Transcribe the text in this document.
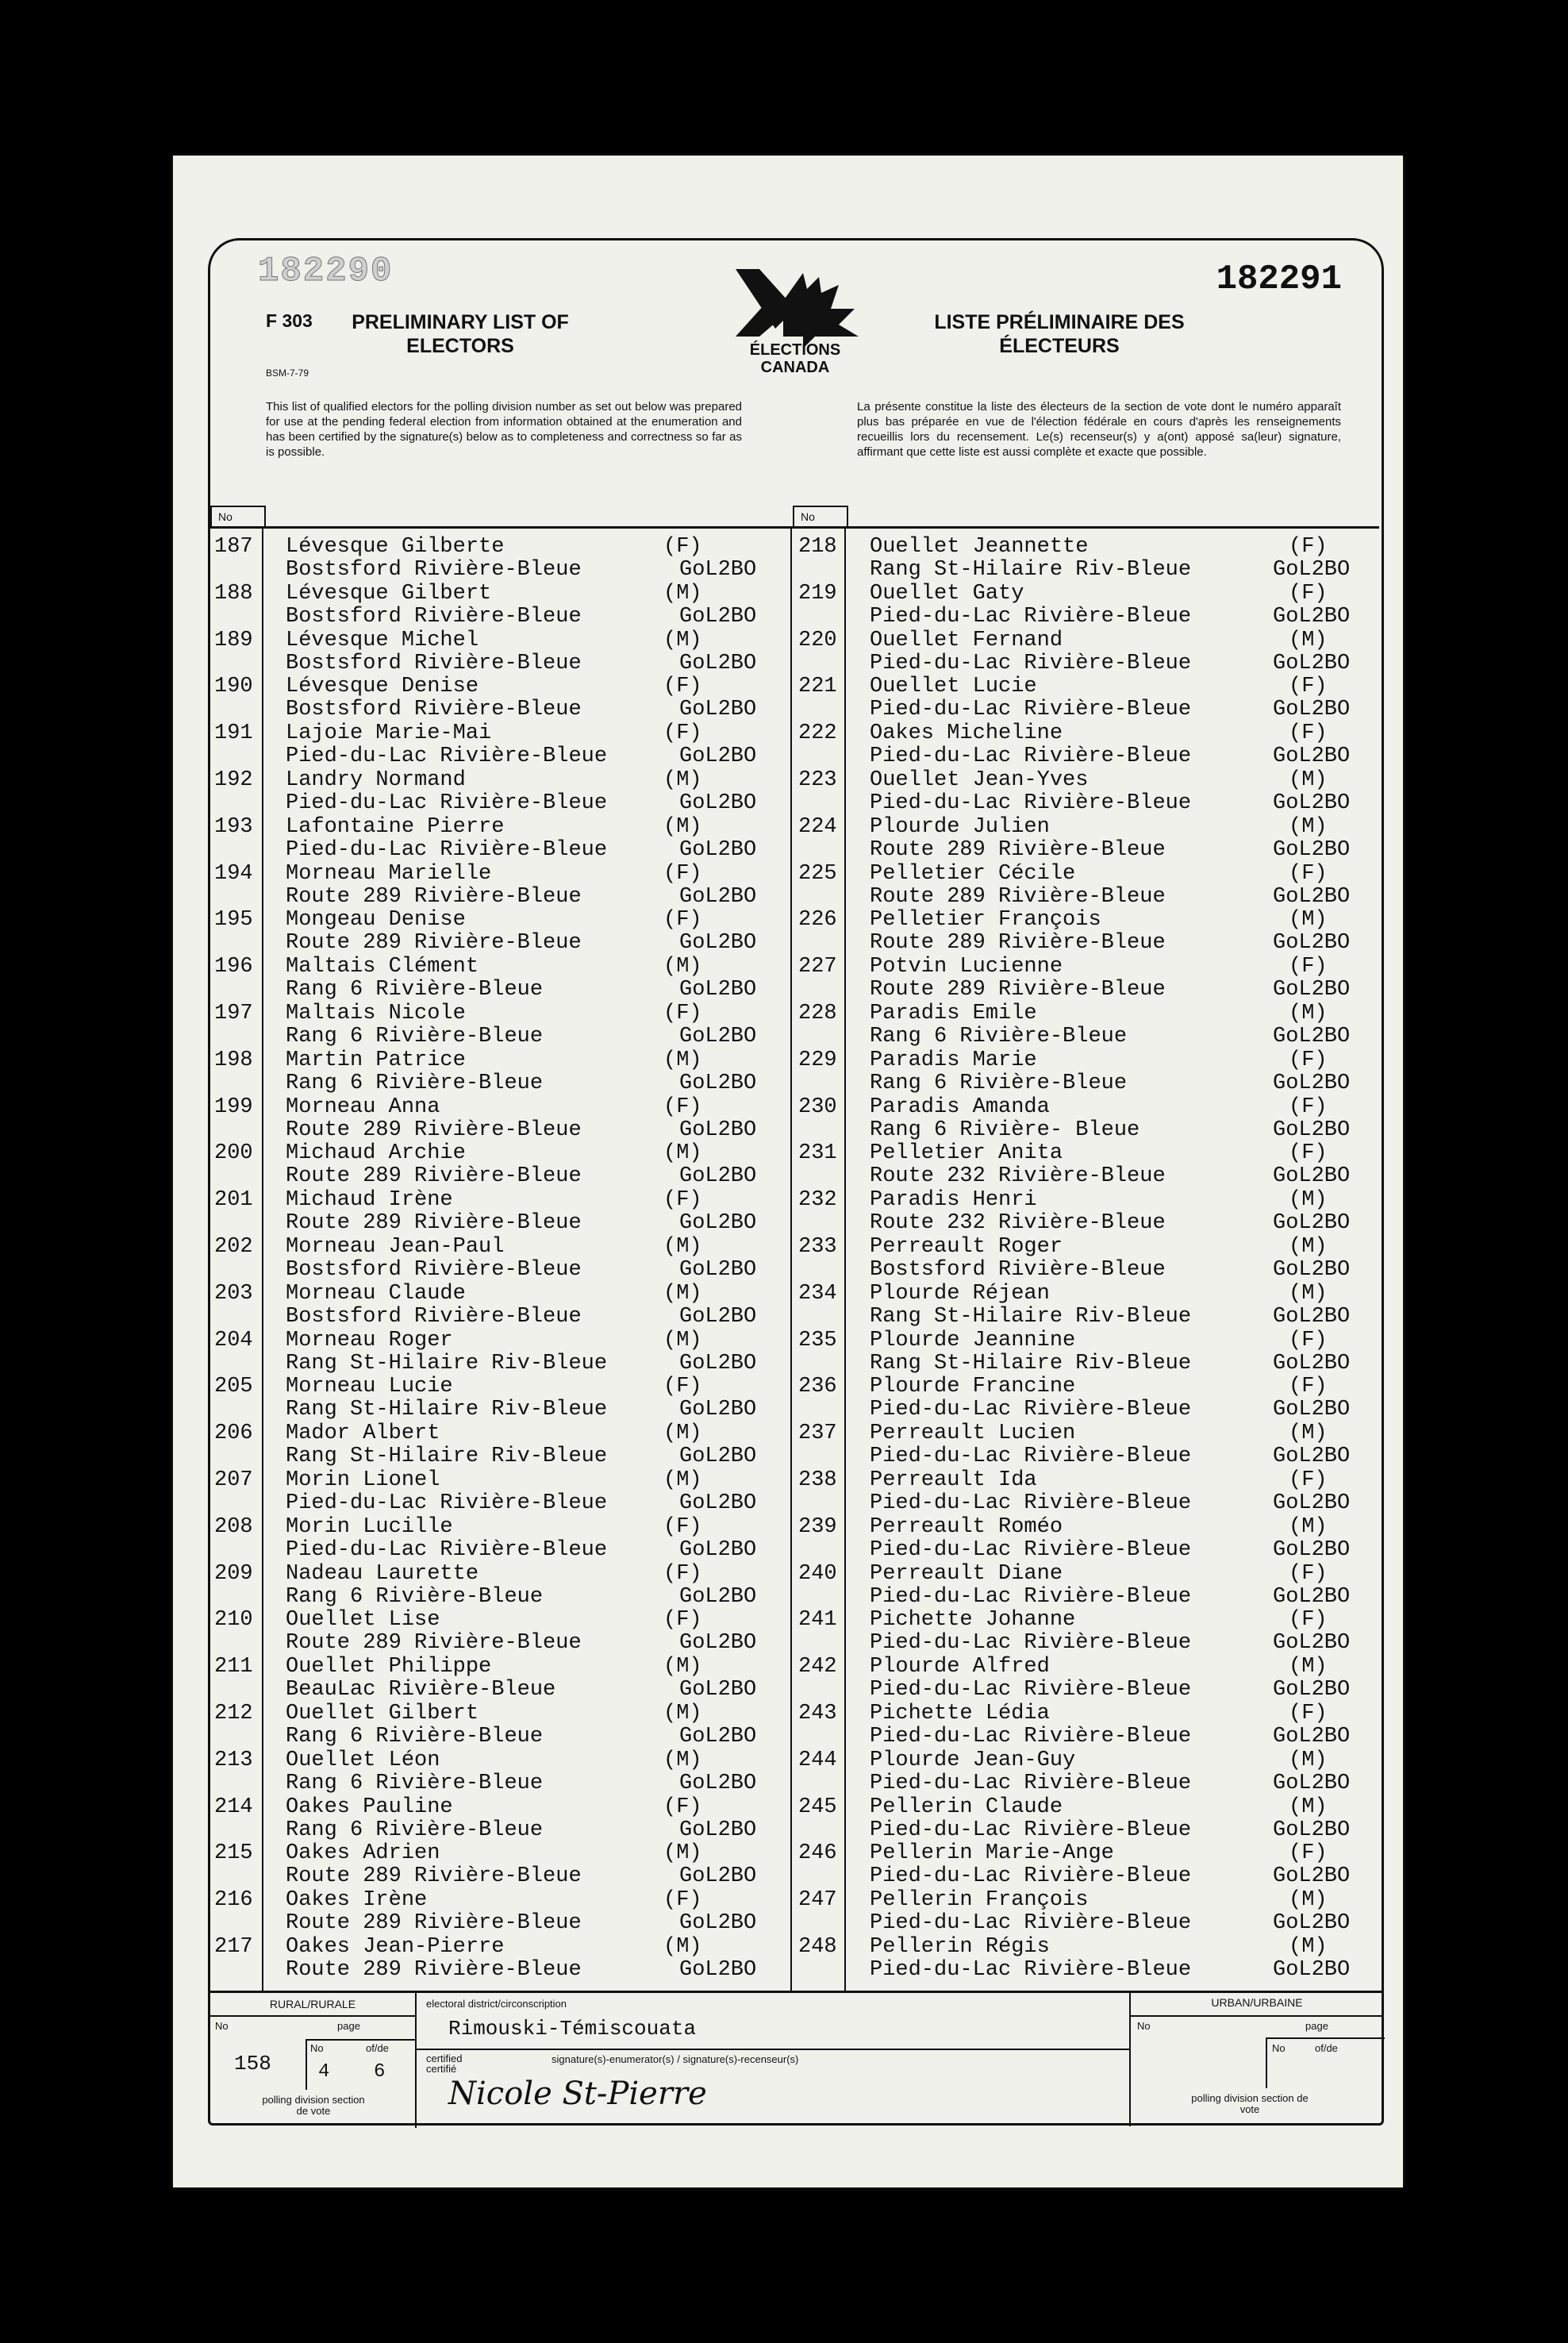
182290	182291
F 303
BSM-7-79
PRELIMINARY LIST OF ELECTORS
LISTE PRÉLIMINAIRE DES ÉLECTEURS
ÉLECTIONS
CANADA
This list of qualified electors for the polling division number as set out below was prepared for use at the pending federal election from information obtained at the enumeration and has been certified by the signature(s) below as to completeness and correctness so far as is possible.
La présente constitue la liste des électeurs de la section de vote dont le numéro apparaît plus bas préparée en vue de l'élection fédérale en cours d'après les renseignements recueillis lors du recensement. Le(s) recenseur(s) y a(ont) apposé sa(leur) signature, affirmant que cette liste est aussi complète et exacte que possible.
No	No
187	Lévesque Gilberte	(F)
Bostsford Rivière-Bleue	GoL2BO
188	Lévesque Gilbert	(M)
Bostsford Rivière-Bleue	GoL2BO
189	Lévesque Michel	(M)
Bostsford Rivière-Bleue	GoL2BO
190	Lévesque Denise	(F)
Bostsford Rivière-Bleue	GoL2BO
191	Lajoie Marie-Mai	(F)
Pied-du-Lac Rivière-Bleue	GoL2BO
192	Landry Normand	(M)
Pied-du-Lac Rivière-Bleue	GoL2BO
193	Lafontaine Pierre	(M)
Pied-du-Lac Rivière-Bleue	GoL2BO
194	Morneau Marielle	(F)
Route 289 Rivière-Bleue	GoL2BO
195	Mongeau Denise	(F)
Route 289 Rivière-Bleue	GoL2BO
196	Maltais Clément	(M)
Rang 6 Rivière-Bleue	GoL2BO
197	Maltais Nicole	(F)
Rang 6 Rivière-Bleue	GoL2BO
198	Martin Patrice	(M)
Rang 6 Rivière-Bleue	GoL2BO
199	Morneau Anna	(F)
Route 289 Rivière-Bleue	GoL2BO
200	Michaud Archie	(M)
Route 289 Rivière-Bleue	GoL2BO
201	Michaud Irène	(F)
Route 289 Rivière-Bleue	GoL2BO
202	Morneau Jean-Paul	(M)
Bostsford Rivière-Bleue	GoL2BO
203	Morneau Claude	(M)
Bostsford Rivière-Bleue	GoL2BO
204	Morneau Roger	(M)
Rang St-Hilaire Riv-Bleue	GoL2BO
205	Morneau Lucie	(F)
Rang St-Hilaire Riv-Bleue	GoL2BO
206	Mador Albert	(M)
Rang St-Hilaire Riv-Bleue	GoL2BO
207	Morin Lionel	(M)
Pied-du-Lac Rivière-Bleue	GoL2BO
208	Morin Lucille	(F)
Pied-du-Lac Rivière-Bleue	GoL2BO
209	Nadeau Laurette	(F)
Rang 6 Rivière-Bleue	GoL2BO
210	Ouellet Lise	(F)
Route 289 Rivière-Bleue	GoL2BO
211	Ouellet Philippe	(M)
BeauLac Rivière-Bleue	GoL2BO
212	Ouellet Gilbert	(M)
Rang 6 Rivière-Bleue	GoL2BO
213	Ouellet Léon	(M)
Rang 6 Rivière-Bleue	GoL2BO
214	Oakes Pauline	(F)
Rang 6 Rivière-Bleue	GoL2BO
215	Oakes Adrien	(M)
Route 289 Rivière-Bleue	GoL2BO
216	Oakes Irène	(F)
Route 289 Rivière-Bleue	GoL2BO
217	Oakes Jean-Pierre	(M)
Route 289 Rivière-Bleue	GoL2BO
218	Ouellet Jeannette	(F)
Rang St-Hilaire Riv-Bleue	GoL2BO
219	Ouellet Gaty	(F)
Pied-du-Lac Rivière-Bleue	GoL2BO
220	Ouellet Fernand	(M)
Pied-du-Lac Rivière-Bleue	GoL2BO
221	Ouellet Lucie	(F)
Pied-du-Lac Rivière-Bleue	GoL2BO
222	Oakes Micheline	(F)
Pied-du-Lac Rivière-Bleue	GoL2BO
223	Ouellet Jean-Yves	(M)
Pied-du-Lac Rivière-Bleue	GoL2BO
224	Plourde Julien	(M)
Route 289 Rivière-Bleue	GoL2BO
225	Pelletier Cécile	(F)
Route 289 Rivière-Bleue	GoL2BO
226	Pelletier François	(M)
Route 289 Rivière-Bleue	GoL2BO
227	Potvin Lucienne	(F)
Route 289 Rivière-Bleue	GoL2BO
228	Paradis Emile	(M)
Rang 6 Rivière-Bleue	GoL2BO
229	Paradis Marie	(F)
Rang 6 Rivière-Bleue	GoL2BO
230	Paradis Amanda	(F)
Rang 6 Rivière- Bleue	GoL2BO
231	Pelletier Anita	(F)
Route 232 Rivière-Bleue	GoL2BO
232	Paradis Henri	(M)
Route 232 Rivière-Bleue	GoL2BO
233	Perreault Roger	(M)
Bostsford Rivière-Bleue	GoL2BO
234	Plourde Réjean	(M)
Rang St-Hilaire Riv-Bleue	GoL2BO
235	Plourde Jeannine	(F)
Rang St-Hilaire Riv-Bleue	GoL2BO
236	Plourde Francine	(F)
Pied-du-Lac Rivière-Bleue	GoL2BO
237	Perreault Lucien	(M)
Pied-du-Lac Rivière-Bleue	GoL2BO
238	Perreault Ida	(F)
Pied-du-Lac Rivière-Bleue	GoL2BO
239	Perreault Roméo	(M)
Pied-du-Lac Rivière-Bleue	GoL2BO
240	Perreault Diane	(F)
Pied-du-Lac Rivière-Bleue	GoL2BO
241	Pichette Johanne	(F)
Pied-du-Lac Rivière-Bleue	GoL2BO
242	Plourde Alfred	(M)
Pied-du-Lac Rivière-Bleue	GoL2BO
243	Pichette Lédia	(F)
Pied-du-Lac Rivière-Bleue	GoL2BO
244	Plourde Jean-Guy	(M)
Pied-du-Lac Rivière-Bleue	GoL2BO
245	Pellerin Claude	(M)
Pied-du-Lac Rivière-Bleue	GoL2BO
246	Pellerin Marie-Ange	(F)
Pied-du-Lac Rivière-Bleue	GoL2BO
247	Pellerin François	(M)
Pied-du-Lac Rivière-Bleue	GoL2BO
248	Pellerin Régis	(M)
Pied-du-Lac Rivière-Bleue	GoL2BO
RURAL/RURALE
No	page
158
No	of/de
4 6
polling division section de vote
electoral district/circonscription
Rimouski-Témiscouata
certified certifié
signature(s)-enumerator(s) / signature(s)-recenseur(s)
Nicole St-Pierre
URBAN/URBAINE
No	page
No	of/de
polling division section de vote
